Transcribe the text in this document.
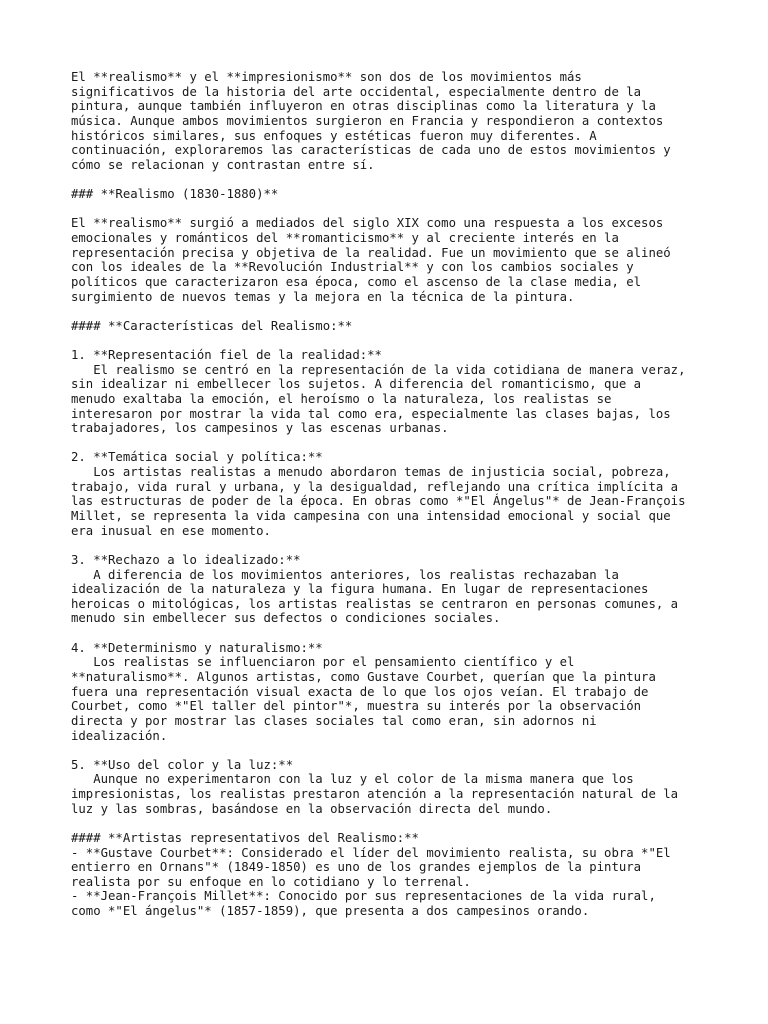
El **realismo** y el **impresionismo** son dos de los movimientos más
significativos de la historia del arte occidental, especialmente dentro de la
pintura, aunque también influyeron en otras disciplinas como la literatura y la
música. Aunque ambos movimientos surgieron en Francia y respondieron a contextos
históricos similares, sus enfoques y estéticas fueron muy diferentes. A
continuación, exploraremos las características de cada uno de estos movimientos y
cómo se relacionan y contrastan entre sí.
### **Realismo (1830-1880)**
El **realismo** surgió a mediados del siglo XIX como una respuesta a los excesos
emocionales y románticos del **romanticismo** y al creciente interés en la
representación precisa y objetiva de la realidad. Fue un movimiento que se alineó
con los ideales de la **Revolución Industrial** y con los cambios sociales y
políticos que caracterizaron esa época, como el ascenso de la clase media, el
surgimiento de nuevos temas y la mejora en la técnica de la pintura.
#### **Características del Realismo:**
1. **Representación fiel de la realidad:**
El realismo se centró en la representación de la vida cotidiana de manera veraz,
sin idealizar ni embellecer los sujetos. A diferencia del romanticismo, que a
menudo exaltaba la emoción, el heroísmo o la naturaleza, los realistas se
interesaron por mostrar la vida tal como era, especialmente las clases bajas, los
trabajadores, los campesinos y las escenas urbanas.
2. **Temática social y política:**
Los artistas realistas a menudo abordaron temas de injusticia social, pobreza,
trabajo, vida rural y urbana, y la desigualdad, reflejando una crítica implícita a
las estructuras de poder de la época. En obras como *"El Ángelus"* de Jean-François
Millet, se representa la vida campesina con una intensidad emocional y social que
era inusual en ese momento.
3. **Rechazo a lo idealizado:**
A diferencia de los movimientos anteriores, los realistas rechazaban la
idealización de la naturaleza y la figura humana. En lugar de representaciones
heroicas o mitológicas, los artistas realistas se centraron en personas comunes, a
menudo sin embellecer sus defectos o condiciones sociales.
4. **Determinismo y naturalismo:**
Los realistas se influenciaron por el pensamiento científico y el
**naturalismo**. Algunos artistas, como Gustave Courbet, querían que la pintura
fuera una representación visual exacta de lo que los ojos veían. El trabajo de
Courbet, como *"El taller del pintor"*, muestra su interés por la observación
directa y por mostrar las clases sociales tal como eran, sin adornos ni
idealización.
5. **Uso del color y la luz:**
Aunque no experimentaron con la luz y el color de la misma manera que los
impresionistas, los realistas prestaron atención a la representación natural de la
luz y las sombras, basándose en la observación directa del mundo.
#### **Artistas representativos del Realismo:**
- **Gustave Courbet**: Considerado el líder del movimiento realista, su obra *"El
entierro en Ornans"* (1849-1850) es uno de los grandes ejemplos de la pintura
realista por su enfoque en lo cotidiano y lo terrenal.
- **Jean-François Millet**: Conocido por sus representaciones de la vida rural,
como *"El ángelus"* (1857-1859), que presenta a dos campesinos orando.
